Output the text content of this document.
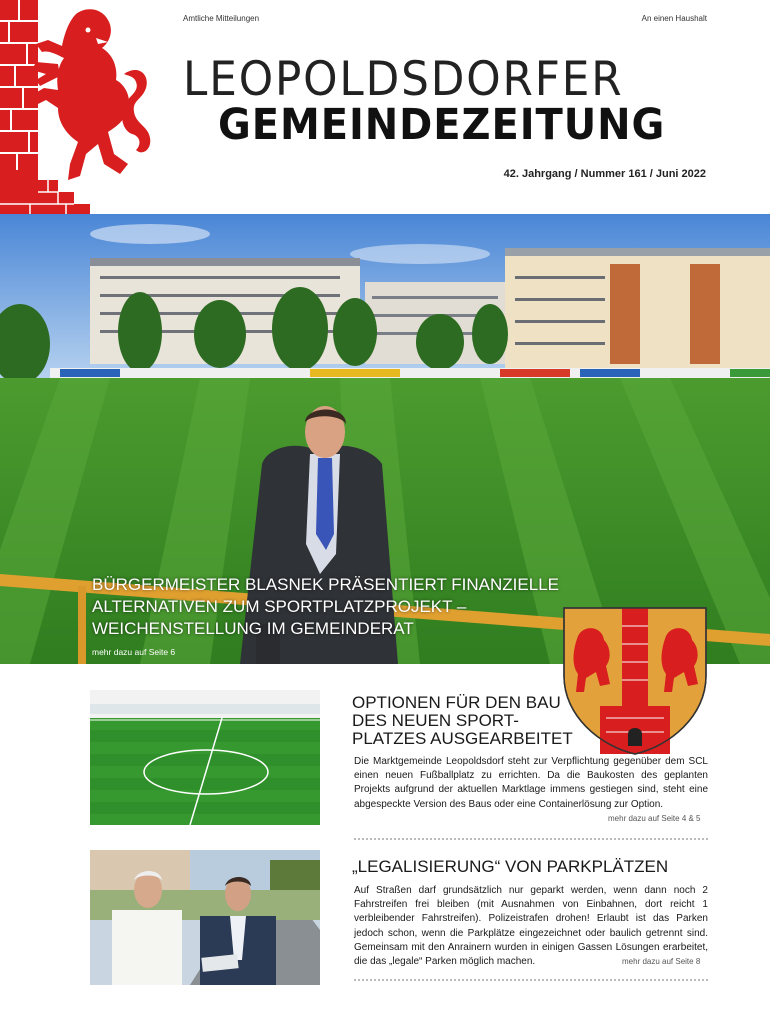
Amtliche Mitteilungen	An einen Haushalt
LEOPOLDSDORFER
GEMEINDEZEITUNG
42. Jahrgang / Nummer 161 / Juni 2022
BÜRGERMEISTER BLASNEK PRÄSENTIERT FINANZIELLE ALTERNATIVEN ZUM SPORTPLATZPROJEKT – WEICHENSTELLUNG IM GEMEINDERAT
mehr dazu auf Seite 6
OPTIONEN FÜR DEN BAU DES NEUEN SPORT-PLATZES AUSGEARBEITET
Die Marktgemeinde Leopoldsdorf steht zur Verpflichtung gegenüber dem SCL einen neuen Fußballplatz zu errichten. Da die Baukosten des geplanten Projekts aufgrund der aktuellen Marktlage immens gestiegen sind, steht eine abgespeckte Version des Baus oder eine Containerlösung zur Option.
mehr dazu auf Seite 4 & 5
„LEGALISIERUNG“ VON PARKPLÄTZEN
Auf Straßen darf grundsätzlich nur geparkt werden, wenn dann noch 2 Fahrstreifen frei bleiben (mit Ausnahmen von Einbahnen, dort reicht 1 verbleibender Fahrstreifen). Polizeistrafen drohen! Erlaubt ist das Parken jedoch schon, wenn die Parkplätze eingezeichnet oder baulich getrennt sind. Gemeinsam mit den Anrainern wurden in einigen Gassen Lösungen erarbeitet, die das „legale“ Parken möglich machen.	mehr dazu auf Seite 8
